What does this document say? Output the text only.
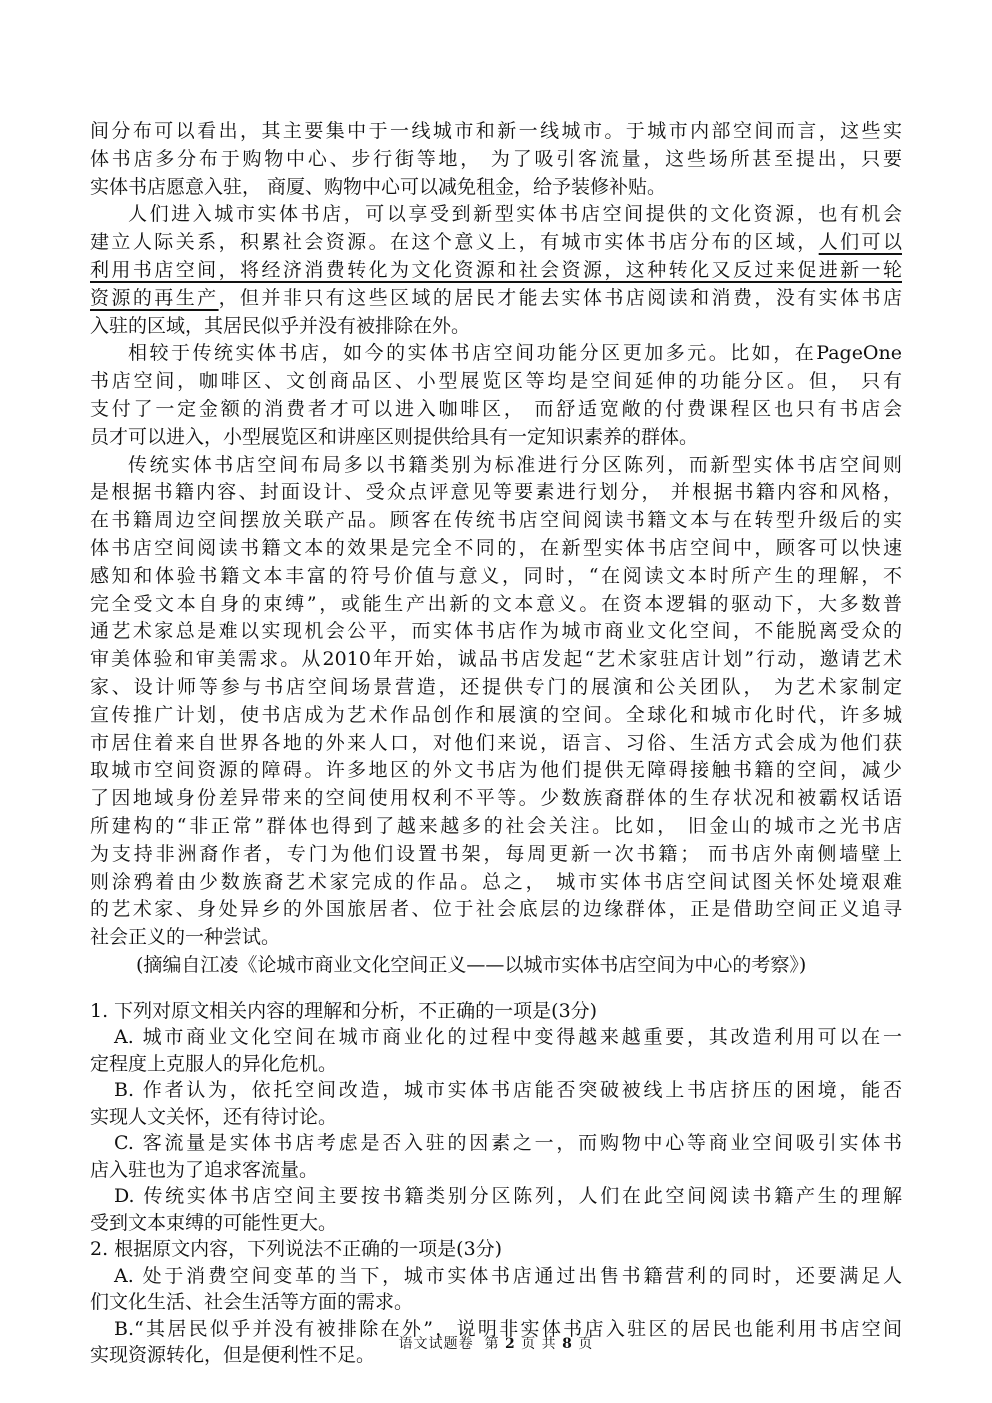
间分布可以看出，其主要集中于一线城市和新一线城市。于城市内部空间而言，这些实
体书店多分布于购物中心、步行街等地， 为了吸引客流量，这些场所甚至提出，只要
实体书店愿意入驻， 商厦、购物中心可以减免租金，给予装修补贴。
人们进入城市实体书店，可以享受到新型实体书店空间提供的文化资源，也有机会
建立人际关系，积累社会资源。在这个意义上，有城市实体书店分布的区域，人们可以
利用书店空间，将经济消费转化为文化资源和社会资源，这种转化又反过来促进新一轮
资源的再生产，但并非只有这些区域的居民才能去实体书店阅读和消费，没有实体书店
入驻的区域，其居民似乎并没有被排除在外。
相较于传统实体书店，如今的实体书店空间功能分区更加多元。比如，在PageOne
书店空间，咖啡区、文创商品区、小型展览区等均是空间延伸的功能分区。但， 只有
支付了一定金额的消费者才可以进入咖啡区， 而舒适宽敞的付费课程区也只有书店会
员才可以进入，小型展览区和讲座区则提供给具有一定知识素养的群体。
传统实体书店空间布局多以书籍类别为标准进行分区陈列，而新型实体书店空间则
是根据书籍内容、封面设计、受众点评意见等要素进行划分， 并根据书籍内容和风格，
在书籍周边空间摆放关联产品。顾客在传统书店空间阅读书籍文本与在转型升级后的实
体书店空间阅读书籍文本的效果是完全不同的，在新型实体书店空间中，顾客可以快速
感知和体验书籍文本丰富的符号价值与意义，同时，“在阅读文本时所产生的理解，不
完全受文本自身的束缚”，或能生产出新的文本意义。在资本逻辑的驱动下，大多数普
通艺术家总是难以实现机会公平，而实体书店作为城市商业文化空间，不能脱离受众的
审美体验和审美需求。从2010年开始，诚品书店发起“艺术家驻店计划”行动，邀请艺术
家、设计师等参与书店空间场景营造，还提供专门的展演和公关团队， 为艺术家制定
宣传推广计划，使书店成为艺术作品创作和展演的空间。全球化和城市化时代，许多城
市居住着来自世界各地的外来人口，对他们来说，语言、习俗、生活方式会成为他们获
取城市空间资源的障碍。许多地区的外文书店为他们提供无障碍接触书籍的空间，减少
了因地域身份差异带来的空间使用权利不平等。少数族裔群体的生存状况和被霸权话语
所建构的“非正常”群体也得到了越来越多的社会关注。比如， 旧金山的城市之光书店
为支持非洲裔作者，专门为他们设置书架，每周更新一次书籍； 而书店外南侧墙壁上
则涂鸦着由少数族裔艺术家完成的作品。总之， 城市实体书店空间试图关怀处境艰难
的艺术家、身处异乡的外国旅居者、位于社会底层的边缘群体，正是借助空间正义追寻
社会正义的一种尝试。
(摘编自江凌《论城市商业文化空间正义——以城市实体书店空间为中心的考察》)
1. 下列对原文相关内容的理解和分析，不正确的一项是(3分)
A. 城市商业文化空间在城市商业化的过程中变得越来越重要，其改造利用可以在一
定程度上克服人的异化危机。
B. 作者认为，依托空间改造，城市实体书店能否突破被线上书店挤压的困境，能否
实现人文关怀，还有待讨论。
C. 客流量是实体书店考虑是否入驻的因素之一，而购物中心等商业空间吸引实体书
店入驻也为了追求客流量。
D. 传统实体书店空间主要按书籍类别分区陈列，人们在此空间阅读书籍产生的理解
受到文本束缚的可能性更大。
2. 根据原文内容，下列说法不正确的一项是(3分)
A. 处于消费空间变革的当下，城市实体书店通过出售书籍营利的同时，还要满足人
们文化生活、社会生活等方面的需求。
B.“其居民似乎并没有被排除在外”，说明非实体书店入驻区的居民也能利用书店空间
实现资源转化，但是便利性不足。
语文试题卷 第 2 页 共 8 页
